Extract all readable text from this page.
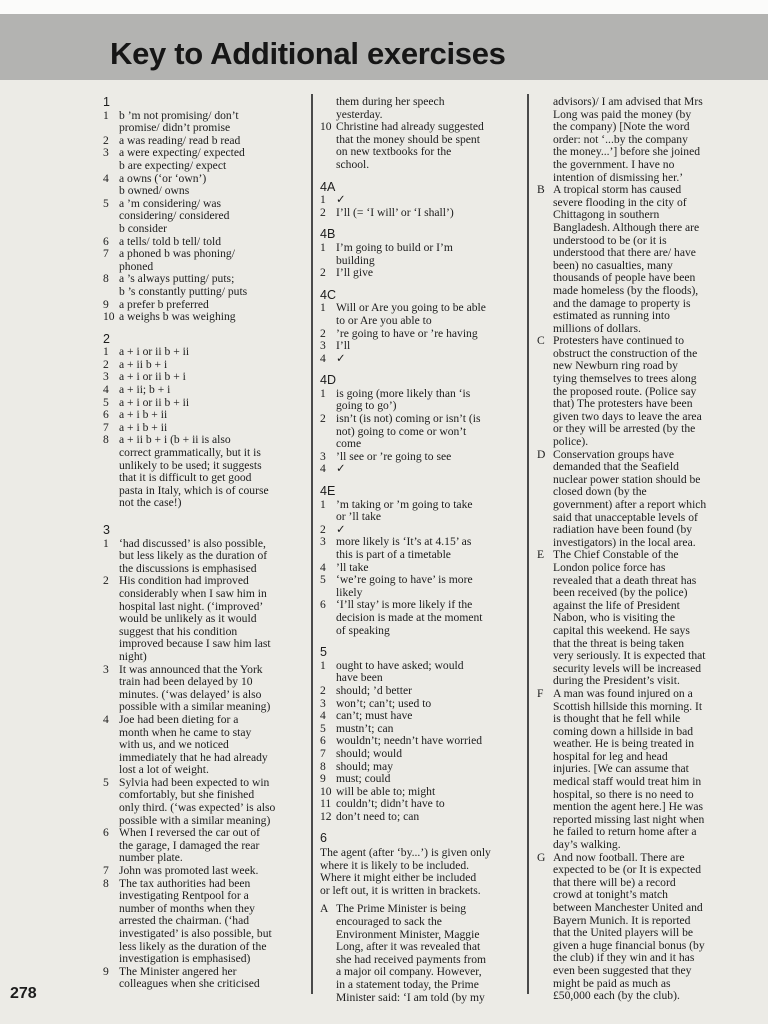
Key to Additional exercises
1
1 b ’m not promising/ don’t
promise/ didn’t promise
2 a was reading/ read b read
3 a were expecting/ expected
b are expecting/ expect
4 a owns (‘or ‘own’)
b owned/ owns
5 a ’m considering/ was
considering/ considered
b consider
6 a tells/ told b tell/ told
7 a phoned b was phoning/
phoned
8 a ’s always putting/ puts;
b ’s constantly putting/ puts
9 a prefer b preferred
10 a weighs b was weighing
2
1 a + i or ii b + ii
2 a + ii b + i
3 a + i or ii b + i
4 a + ii; b + i
5 a + i or ii b + ii
6 a + i b + ii
7 a + i b + ii
8 a + ii b + i (b + ii is also
correct grammatically, but it is
unlikely to be used; it suggests
that it is difficult to get good
pasta in Italy, which is of course
not the case!)
3
1 ‘had discussed’ is also possible,
but less likely as the duration of
the discussions is emphasised
2 His condition had improved
considerably when I saw him in
hospital last night. (‘improved’
would be unlikely as it would
suggest that his condition
improved because I saw him last
night)
3 It was announced that the York
train had been delayed by 10
minutes. (‘was delayed’ is also
possible with a similar meaning)
4 Joe had been dieting for a
month when he came to stay
with us, and we noticed
immediately that he had already
lost a lot of weight.
5 Sylvia had been expected to win
comfortably, but she finished
only third. (‘was expected’ is also
possible with a similar meaning)
6 When I reversed the car out of
the garage, I damaged the rear
number plate.
7 John was promoted last week.
8 The tax authorities had been
investigating Rentpool for a
number of months when they
arrested the chairman. (‘had
investigated’ is also possible, but
less likely as the duration of the
investigation is emphasised)
9 The Minister angered her
colleagues when she criticised
them during her speech
yesterday.
10 Christine had already suggested
that the money should be spent
on new textbooks for the
school.
4A
1 ✓
2 I’ll (= ‘I will’ or ‘I shall’)
4B
1 I’m going to build or I’m
building
2 I’ll give
4C
1 Will or Are you going to be able
to or Are you able to
2 ’re going to have or ’re having
3 I’ll
4 ✓
4D
1 is going (more likely than ‘is
going to go’)
2 isn’t (is not) coming or isn’t (is
not) going to come or won’t
come
3 ’ll see or ’re going to see
4 ✓
4E
1 ’m taking or ’m going to take
or ’ll take
2 ✓
3 more likely is ‘It’s at 4.15’ as
this is part of a timetable
4 ’ll take
5 ‘we’re going to have’ is more
likely
6 ‘I’ll stay’ is more likely if the
decision is made at the moment
of speaking
5
1 ought to have asked; would
have been
2 should; ’d better
3 won’t; can’t; used to
4 can’t; must have
5 mustn’t; can
6 wouldn’t; needn’t have worried
7 should; would
8 should; may
9 must; could
10 will be able to; might
11 couldn’t; didn’t have to
12 don’t need to; can
6
The agent (after ‘by...’) is given only
where it is likely to be included.
Where it might either be included
or left out, it is written in brackets.
A The Prime Minister is being
encouraged to sack the
Environment Minister, Maggie
Long, after it was revealed that
she had received payments from
a major oil company. However,
in a statement today, the Prime
Minister said: ‘I am told (by my
advisors)/ I am advised that Mrs
Long was paid the money (by
the company) [Note the word
order: not ‘...by the company
the money...’] before she joined
the government. I have no
intention of dismissing her.’
B A tropical storm has caused
severe flooding in the city of
Chittagong in southern
Bangladesh. Although there are
understood to be (or it is
understood that there are/ have
been) no casualties, many
thousands of people have been
made homeless (by the floods),
and the damage to property is
estimated as running into
millions of dollars.
C Protesters have continued to
obstruct the construction of the
new Newburn ring road by
tying themselves to trees along
the proposed route. (Police say
that) The protesters have been
given two days to leave the area
or they will be arrested (by the
police).
D Conservation groups have
demanded that the Seafield
nuclear power station should be
closed down (by the
government) after a report which
said that unacceptable levels of
radiation have been found (by
investigators) in the local area.
E The Chief Constable of the
London police force has
revealed that a death threat has
been received (by the police)
against the life of President
Nabon, who is visiting the
capital this weekend. He says
that the threat is being taken
very seriously. It is expected that
security levels will be increased
during the President’s visit.
F A man was found injured on a
Scottish hillside this morning. It
is thought that he fell while
coming down a hillside in bad
weather. He is being treated in
hospital for leg and head
injuries. [We can assume that
medical staff would treat him in
hospital, so there is no need to
mention the agent here.] He was
reported missing last night when
he failed to return home after a
day’s walking.
G And now football. There are
expected to be (or It is expected
that there will be) a record
crowd at tonight’s match
between Manchester United and
Bayern Munich. It is reported
that the United players will be
given a huge financial bonus (by
the club) if they win and it has
even been suggested that they
might be paid as much as
£50,000 each (by the club).
278
